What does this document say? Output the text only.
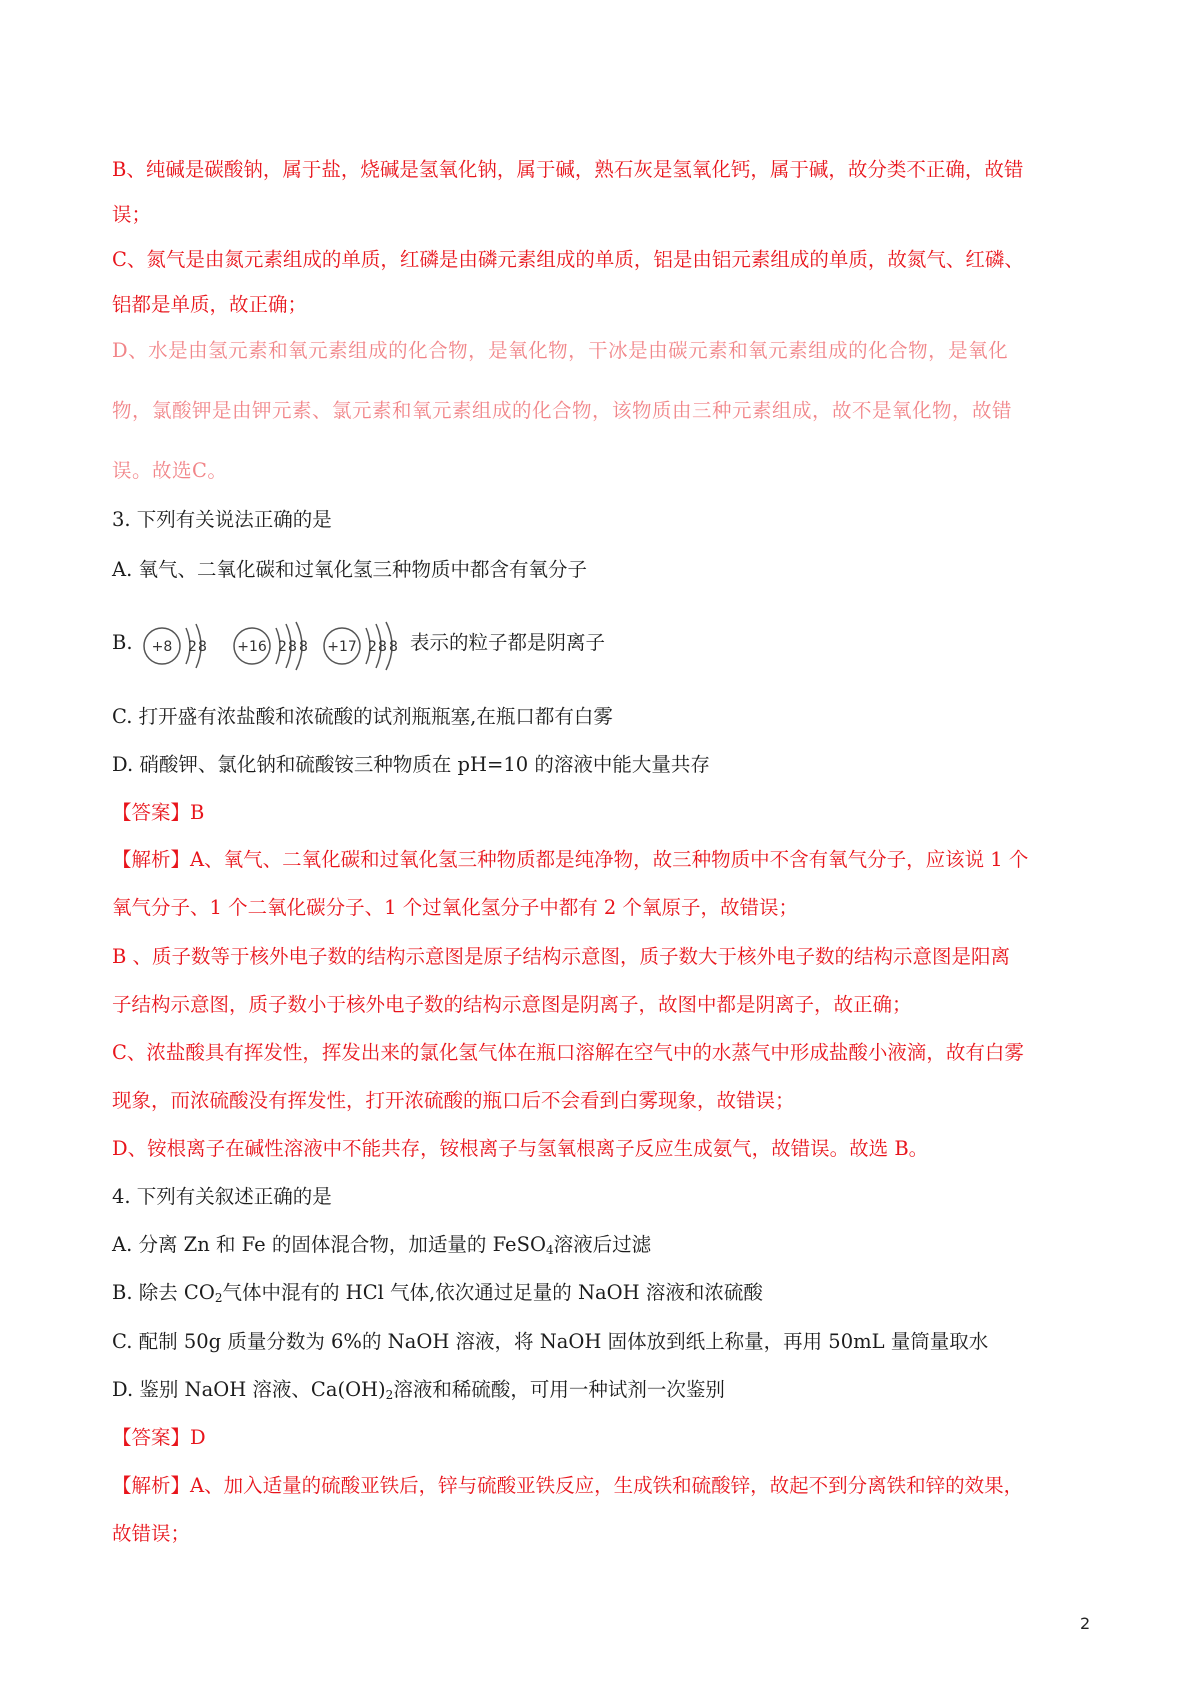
B、纯碱是碳酸钠，属于盐，烧碱是氢氧化钠，属于碱，熟石灰是氢氧化钙，属于碱，故分类不正确，故错
误；
C、氮气是由氮元素组成的单质，红磷是由磷元素组成的单质，铝是由铝元素组成的单质，故氮气、红磷、
铝都是单质，故正确；
D、水是由氢元素和氧元素组成的化合物，是氧化物，干冰是由碳元素和氧元素组成的化合物，是氧化
物，氯酸钾是由钾元素、氯元素和氧元素组成的化合物，该物质由三种元素组成，故不是氧化物，故错
误。故选C。
3. 下列有关说法正确的是
A. 氧气、二氧化碳和过氧化氢三种物质中都含有氧分子
B.	+8 2 8 +16 2 8 8 +17 2 8 8 表示的粒子都是阴离子
C. 打开盛有浓盐酸和浓硫酸的试剂瓶瓶塞,在瓶口都有白雾
D. 硝酸钾、氯化钠和硫酸铵三种物质在 pH=10 的溶液中能大量共存
【答案】B
【解析】A、氧气、二氧化碳和过氧化氢三种物质都是纯净物，故三种物质中不含有氧气分子，应该说 1 个
氧气分子、1 个二氧化碳分子、1 个过氧化氢分子中都有 2 个氧原子，故错误；
B 、质子数等于核外电子数的结构示意图是原子结构示意图，质子数大于核外电子数的结构示意图是阳离
子结构示意图，质子数小于核外电子数的结构示意图是阴离子，故图中都是阴离子，故正确；
C、浓盐酸具有挥发性，挥发出来的氯化氢气体在瓶口溶解在空气中的水蒸气中形成盐酸小液滴，故有白雾
现象，而浓硫酸没有挥发性，打开浓硫酸的瓶口后不会看到白雾现象，故错误；
D、铵根离子在碱性溶液中不能共存，铵根离子与氢氧根离子反应生成氨气，故错误。故选 B。
4. 下列有关叙述正确的是
A. 分离 Zn 和 Fe 的固体混合物，加适量的 FeSO$_4$溶液后过滤
B. 除去 $CO_2$气体中混有的 HCl 气体,依次通过足量的 NaOH 溶液和浓硫酸
C. 配制 50g 质量分数为 6%的 NaOH 溶液，将 NaOH 固体放到纸上称量，再用 50mL 量筒量取水
D. 鉴别 NaOH 溶液、$Ca(OH)_2$溶液和稀硫酸，可用一种试剂一次鉴别
【答案】D
【解析】A、加入适量的硫酸亚铁后，锌与硫酸亚铁反应，生成铁和硫酸锌，故起不到分离铁和锌的效果，
故错误；
2
